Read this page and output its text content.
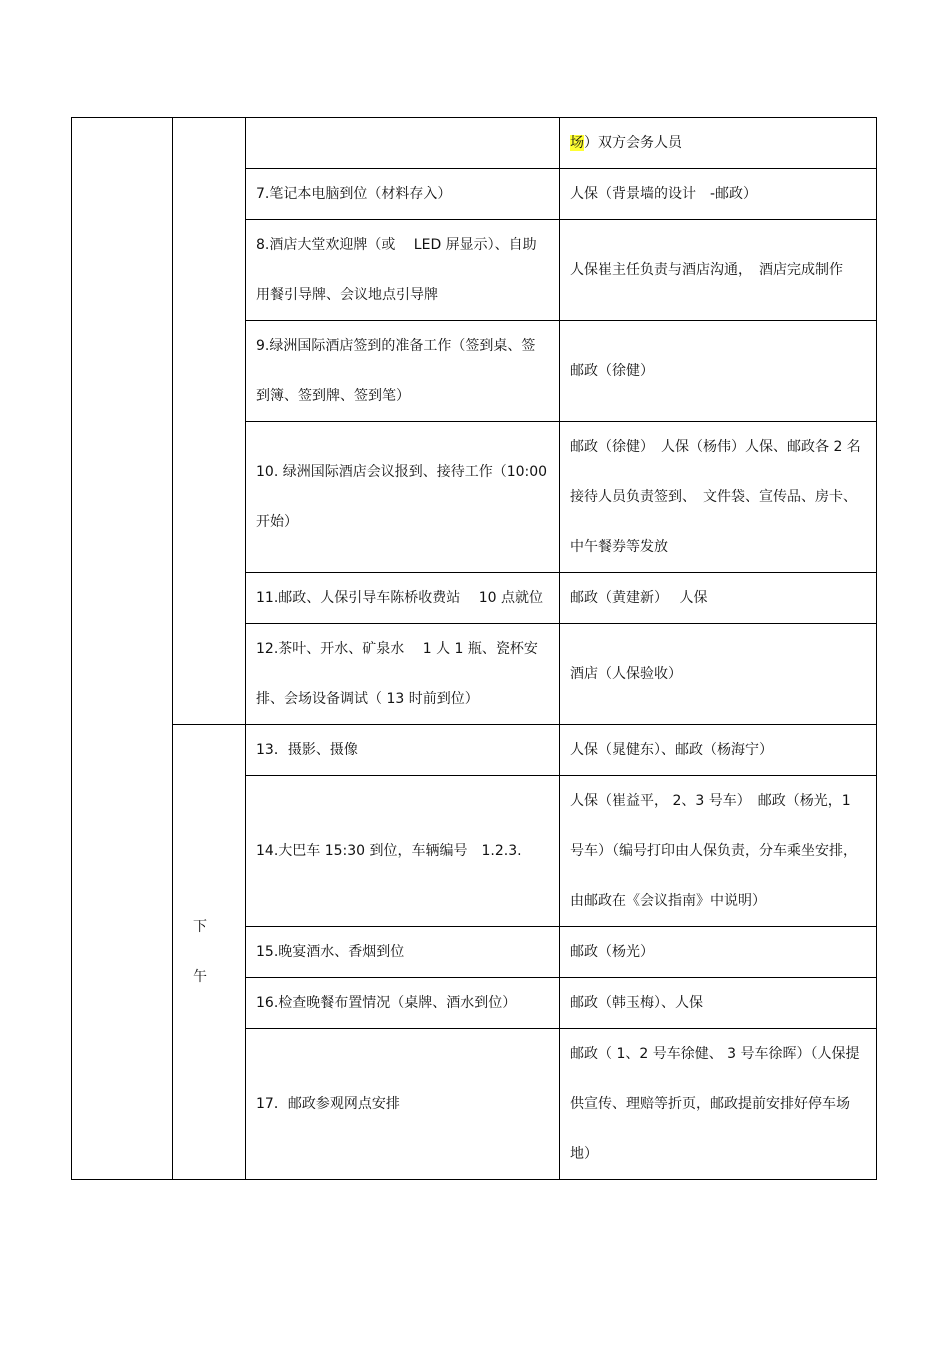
			场）双方会务人员
		7.笔记本电脑到位（材料存入）	人保（背景墙的设计　-邮政）
		8.酒店大堂欢迎牌（或　 LED 屏显示）、自助用餐引导牌、会议地点引导牌	人保崔主任负责与酒店沟通，　酒店完成制作
		9.绿洲国际酒店签到的准备工作（签到桌、签到簿、签到牌、签到笔）	邮政（徐健）
		10. 绿洲国际酒店会议报到、接待工作（10:00 开始）	邮政（徐健）　人保（杨伟）人保、邮政各 2 名接待人员负责签到、　文件袋、宣传品、房卡、中午餐券等发放
		11.邮政、人保引导车陈桥收费站　 10 点就位	邮政（黄建新）　 人保
		12.茶叶、开水、矿泉水　 1 人 1 瓶、瓷杯安排、会场设备调试（ 13 时前到位）	酒店（人保验收）
	下午	13．摄影、摄像	人保（晁健东）、邮政（杨海宁）
		14.大巴车 15:30 到位，车辆编号　1.2.3.	人保（崔益平， 2、3 号车）　邮政（杨光，1　号车）（编号打印由人保负责，分车乘坐安排，由邮政在《会议指南》中说明）
		15.晚宴酒水、香烟到位	邮政（杨光）
		16.检查晚餐布置情况（桌牌、酒水到位）	邮政（韩玉梅）、人保
		17．邮政参观网点安排	邮政（ 1、2 号车徐健、 3 号车徐晖）（人保提供宣传、理赔等折页，邮政提前安排好停车场地）
